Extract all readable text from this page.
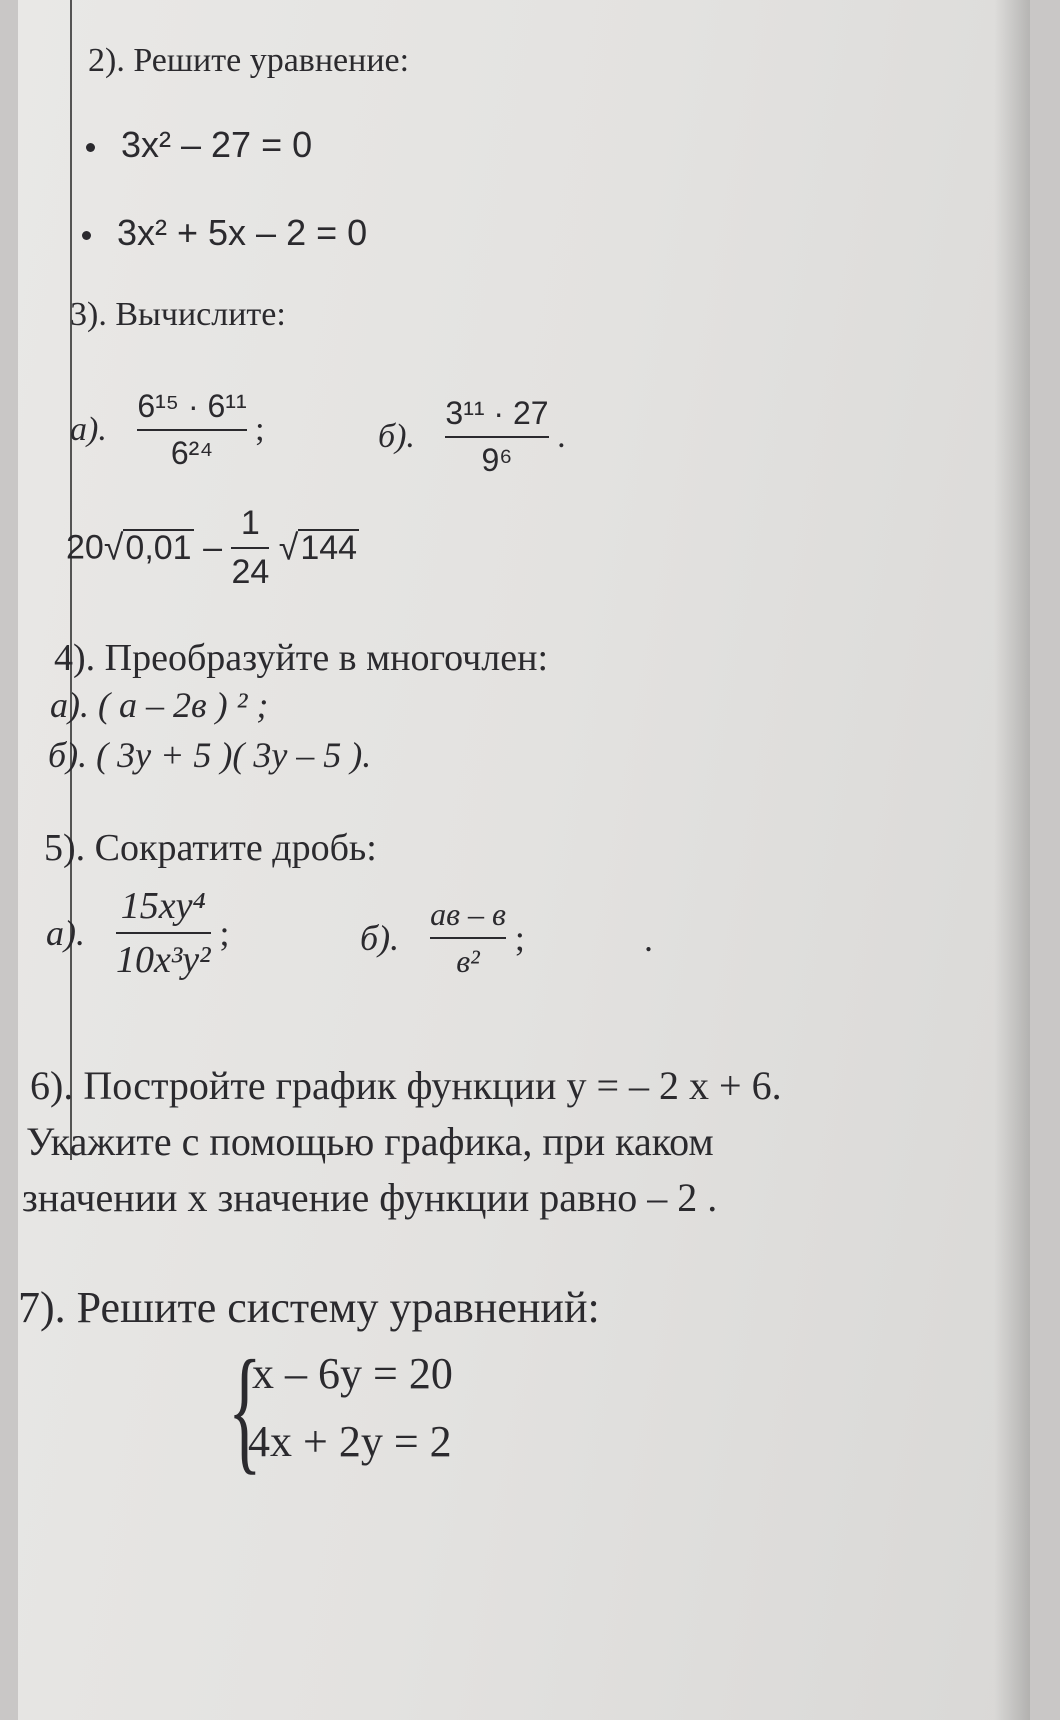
2). Решите уравнение:
3x² – 27 = 0
3x² + 5x – 2 = 0
3). Вычислите:
а). $\frac{\text{6¹⁵ · 6¹¹}}{\text{6²⁴}}$ ;	б). $\frac{\text{3¹¹ · 27}}{\text{9⁶}}$ .
$20√0,01 - \frac{1}{24} √144$
4). Преобразуйте в многочлен:
а). ( а – 2в ) ² ;
б). ( 3у + 5 )( 3у – 5 ).
5). Сократите дробь:
а). $\frac{\text{15xy⁴}}{\text{10x³y²}}$ ;	б). $\frac{ав - в}{\text{в²}}$ ;	.
6). Постройте график функции у = – 2 x + 6.
Укажите с помощью графика, при каком
значении x значение функции равно – 2 .
7). Решите систему уравнений:
{
x – 6y = 20
4x + 2y = 2
